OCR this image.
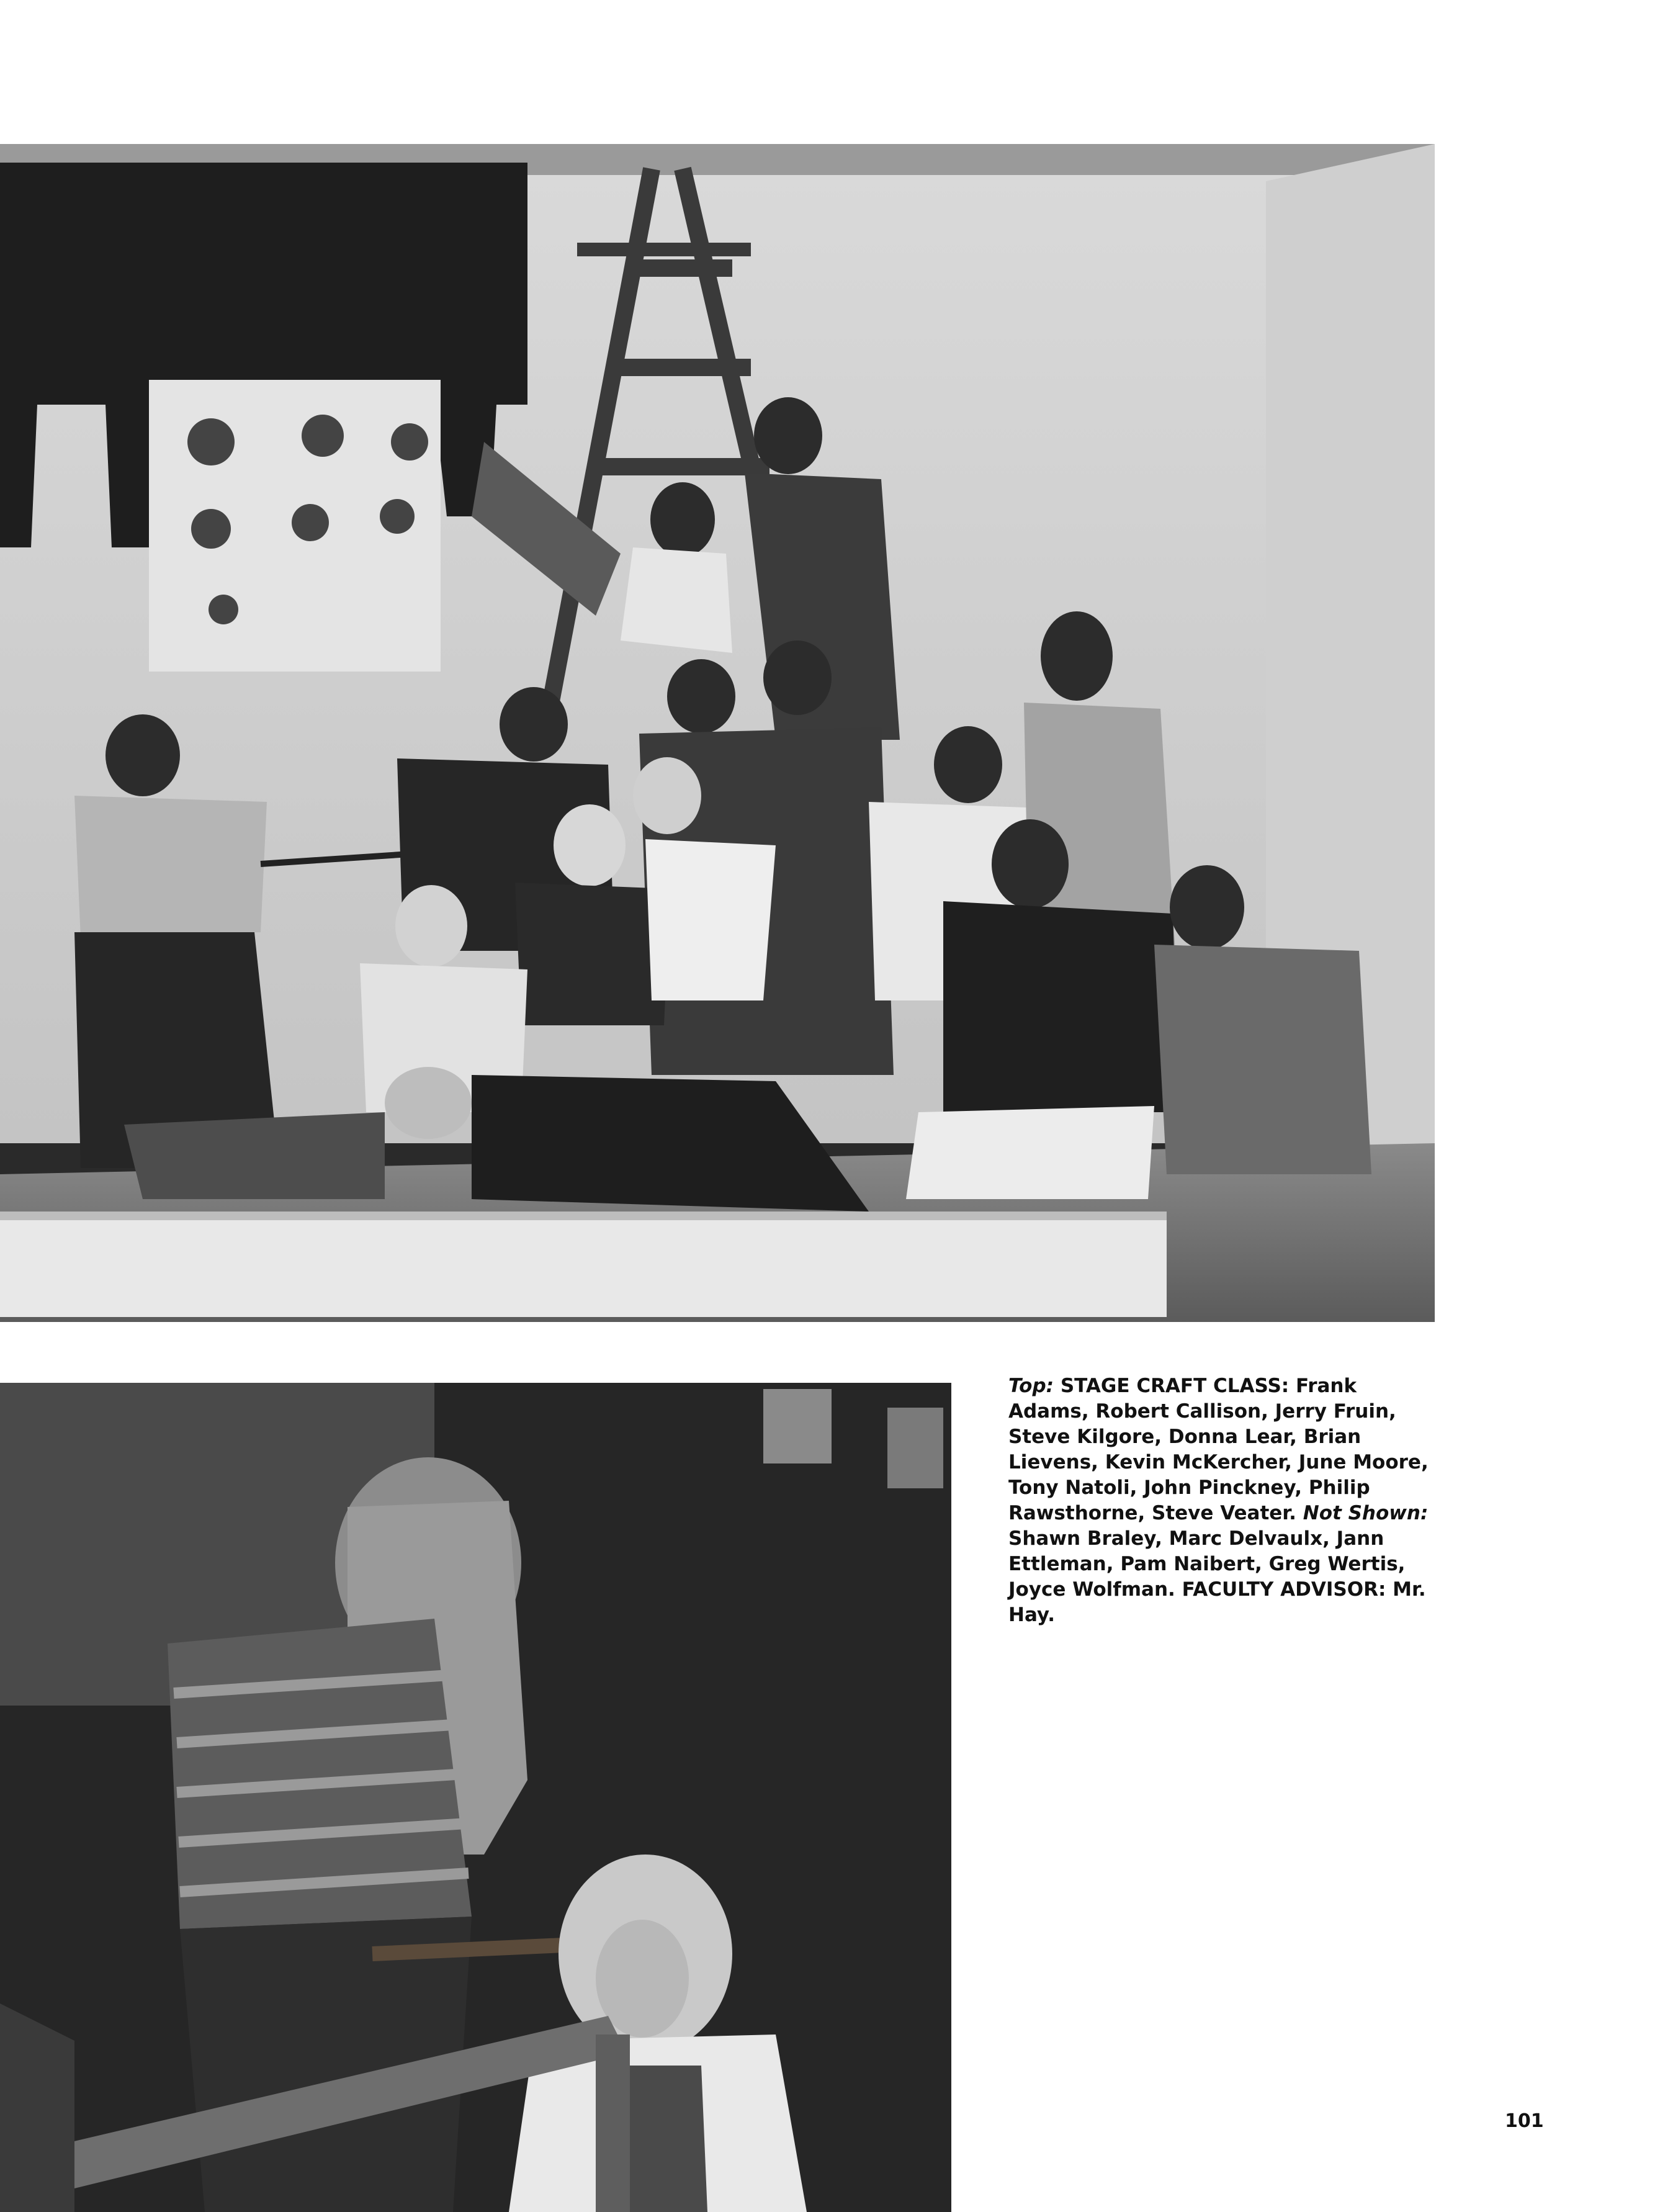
Top: STAGE CRAFT CLASS: Frank Adams, Robert Callison, Jerry Fruin, Steve Kilgore, Donna Lear, Brian Lievens, Kevin McKercher, June Moore, Tony Natoli, John Pinckney, Philip Rawsthorne, Steve Veater. Not Shown: Shawn Braley, Marc Delvaulx, Jann Ettleman, Pam Naibert, Greg Wertis, Joyce Wolfman. FACULTY ADVISOR: Mr. Hay.
101
